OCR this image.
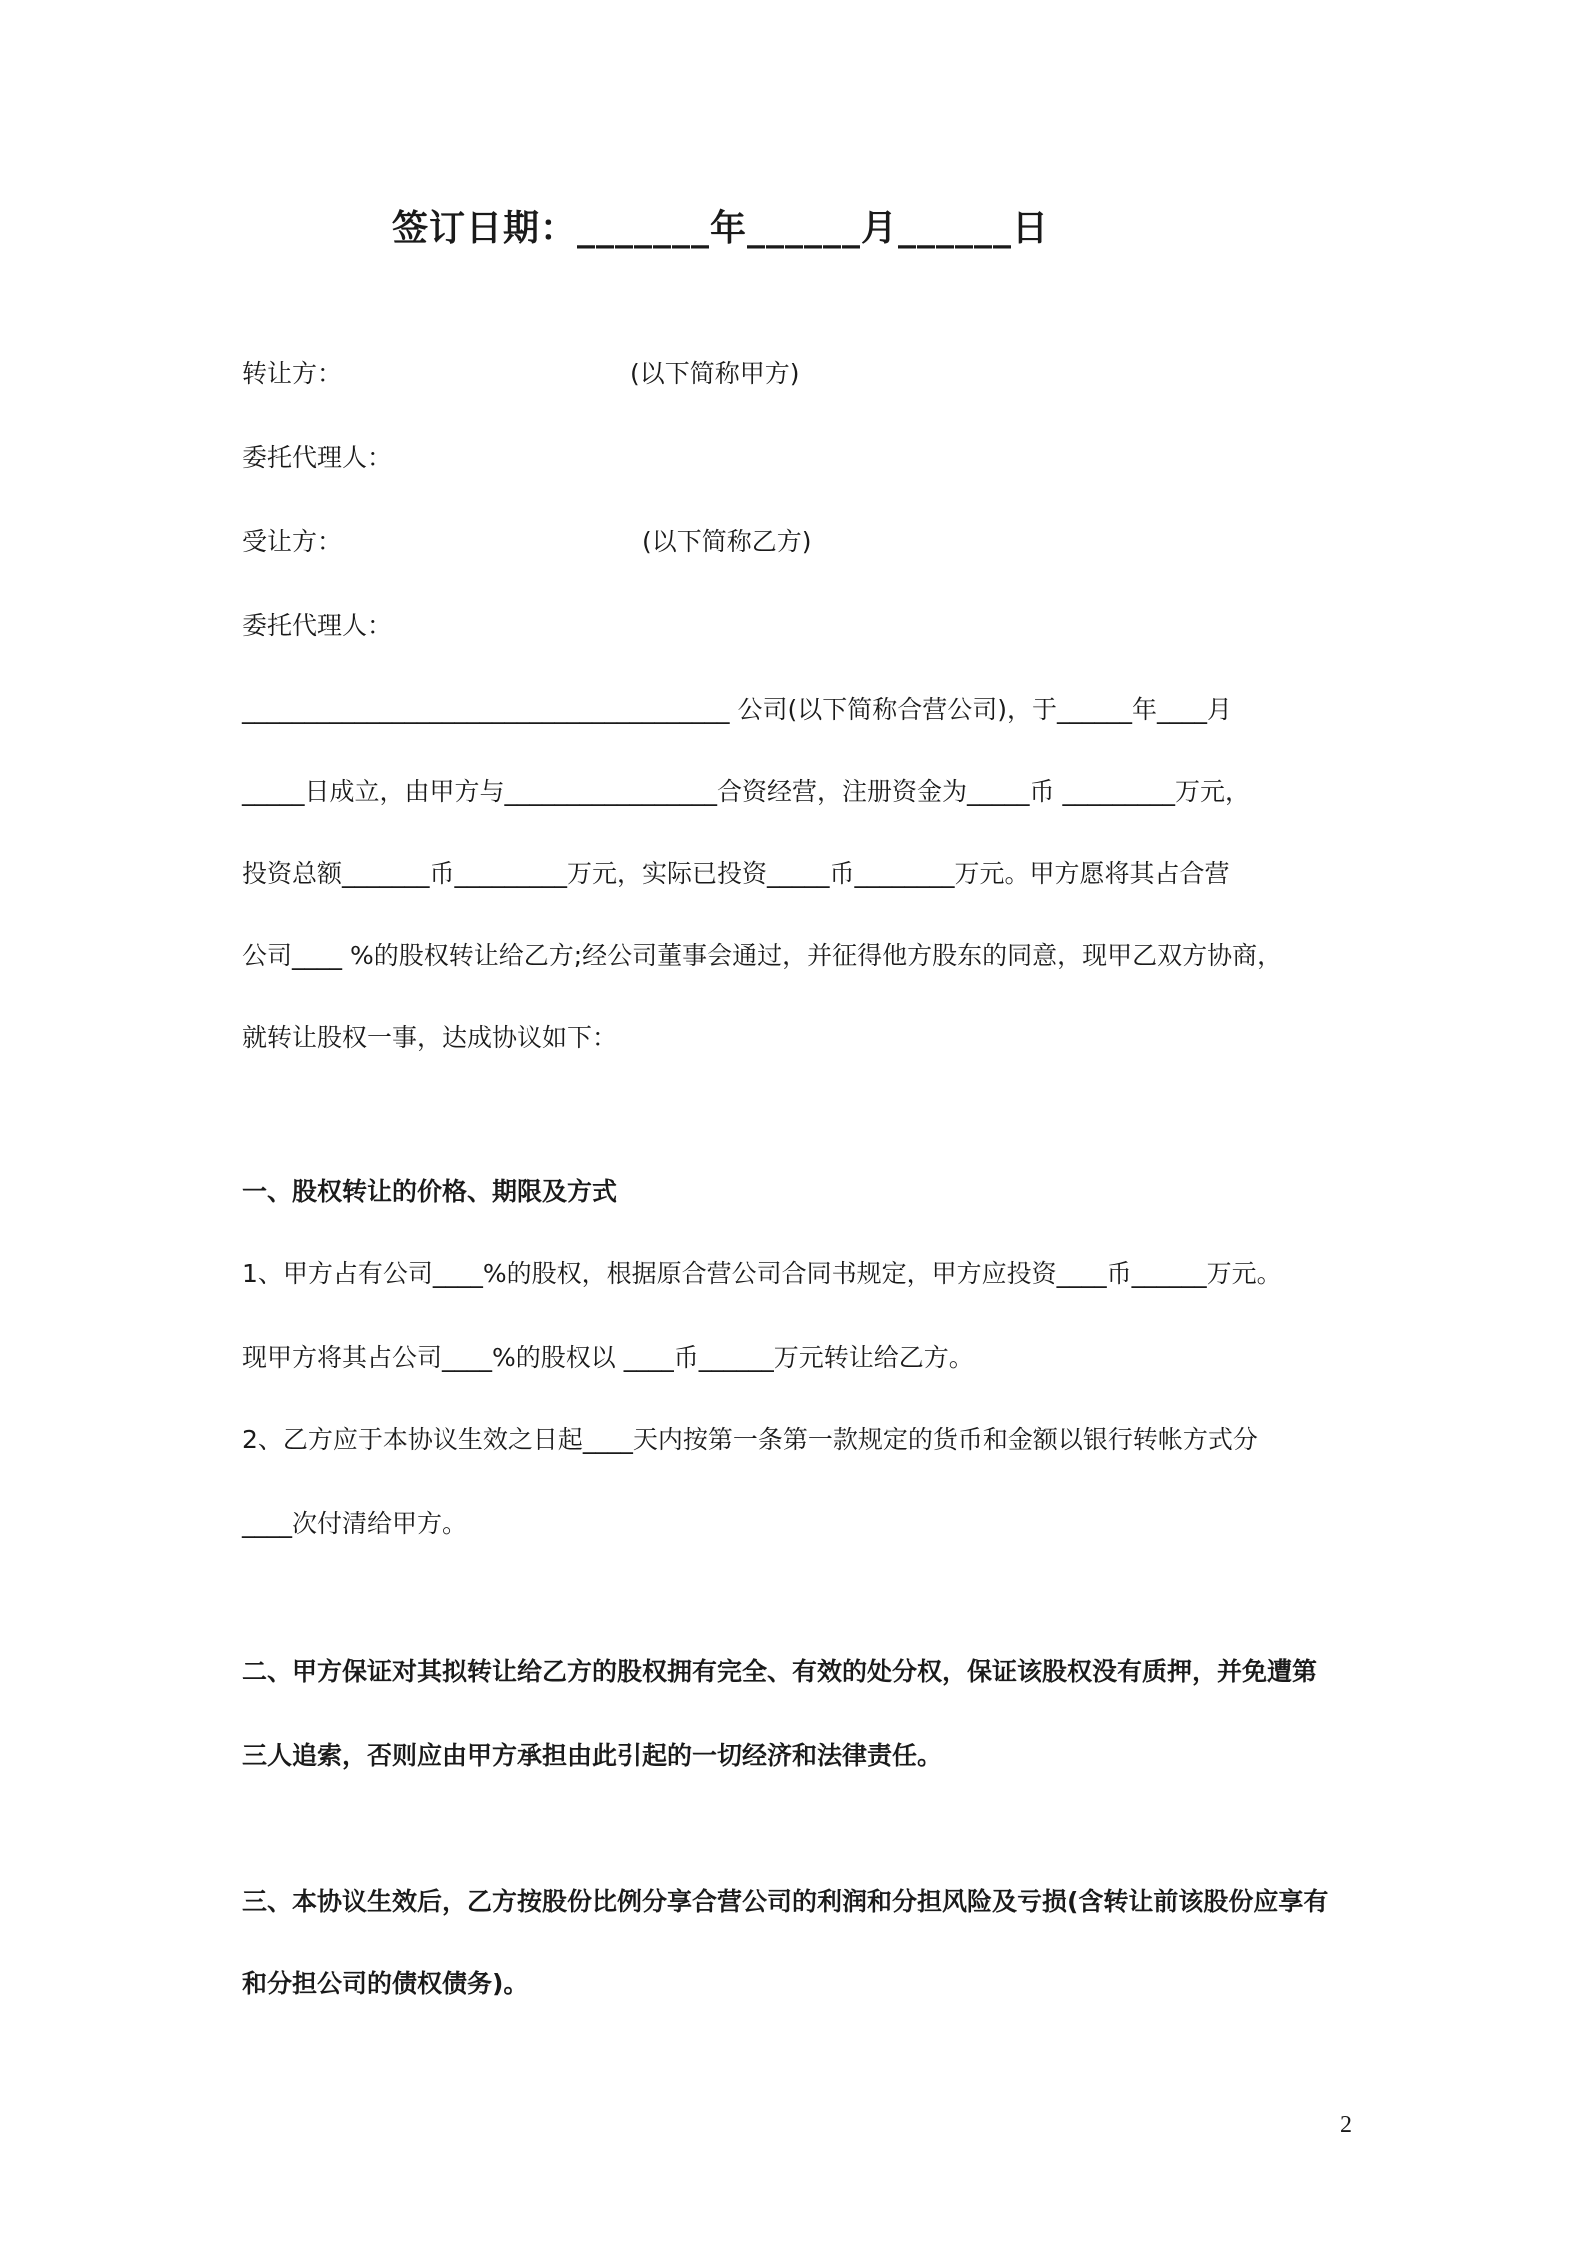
签订日期：_______年______月______日
转让方：	(以下简称甲方)
委托代理人：
受让方：	(以下简称乙方)
委托代理人：
_______________________________________ 公司(以下简称合营公司)，于______年____月
_____日成立，由甲方与_________________合资经营，注册资金为_____币 _________万元，
投资总额_______币_________万元，实际已投资_____币________万元。甲方愿将其占合营
公司____ %的股权转让给乙方;经公司董事会通过，并征得他方股东的同意，现甲乙双方协商，
就转让股权一事，达成协议如下：
一、股权转让的价格、期限及方式
1、甲方占有公司____%的股权，根据原合营公司合同书规定，甲方应投资____币______万元。
现甲方将其占公司____%的股权以 ____币______万元转让给乙方。
2、乙方应于本协议生效之日起____天内按第一条第一款规定的货币和金额以银行转帐方式分
____次付清给甲方。
二、甲方保证对其拟转让给乙方的股权拥有完全、有效的处分权，保证该股权没有质押，并免遭第
三人追索，否则应由甲方承担由此引起的一切经济和法律责任。
三、本协议生效后，乙方按股份比例分享合营公司的利润和分担风险及亏损(含转让前该股份应享有
和分担公司的债权债务)。
2
